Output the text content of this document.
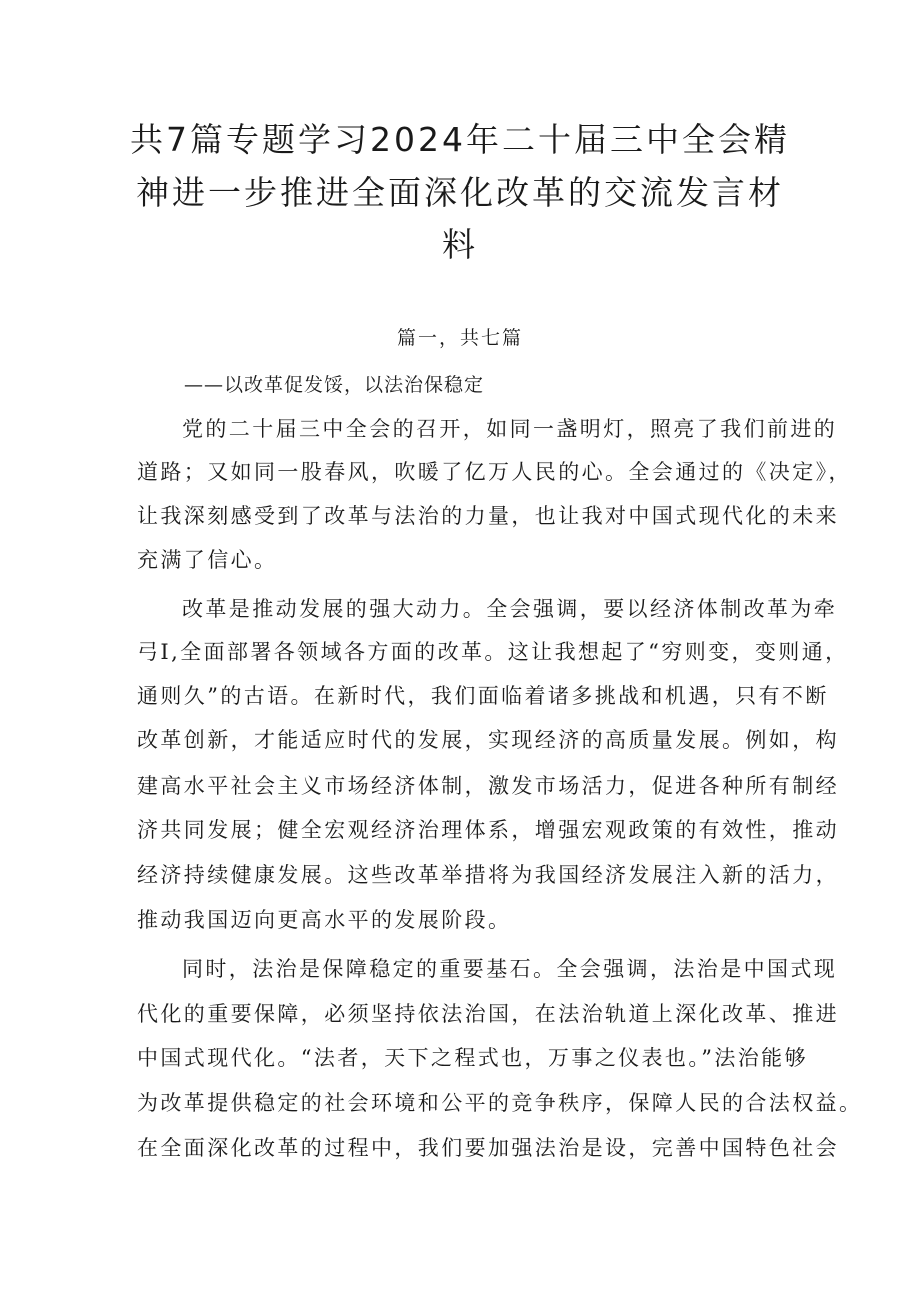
共7篇专题学习2024年二十届三中全会精
神进一步推进全面深化改革的交流发言材
料
篇一，共七篇
——以改革促发馁，以法治保稳定
党的二十届三中全会的召开，如同一盏明灯，照亮了我们前进的
道路；又如同一股春风，吹暖了亿万人民的心。全会通过的《决定》，
让我深刻感受到了改革与法治的力量，也让我对中国式现代化的未来
充满了信心。
改革是推动发展的强大动力。全会强调，要以经济体制改革为牵
弓I,全面部署各领域各方面的改革。这让我想起了“穷则变，变则通，
通则久”的古语。在新时代，我们面临着诸多挑战和机遇，只有不断
改革创新，才能适应时代的发展，实现经济的高质量发展。例如，构
建高水平社会主义市场经济体制，激发市场活力，促进各种所有制经
济共同发展；健全宏观经济治理体系，增强宏观政策的有效性，推动
经济持续健康发展。这些改革举措将为我国经济发展注入新的活力，
推动我国迈向更高水平的发展阶段。
同时，法治是保障稳定的重要基石。全会强调，法治是中国式现
代化的重要保障，必须坚持依法治国，在法治轨道上深化改革、推进
中国式现代化。“法者，天下之程式也，万事之仪表也。”法治能够
为改革提供稳定的社会环境和公平的竞争秩序，保障人民的合法权益。
在全面深化改革的过程中，我们要加强法治是设，完善中国特色社会
